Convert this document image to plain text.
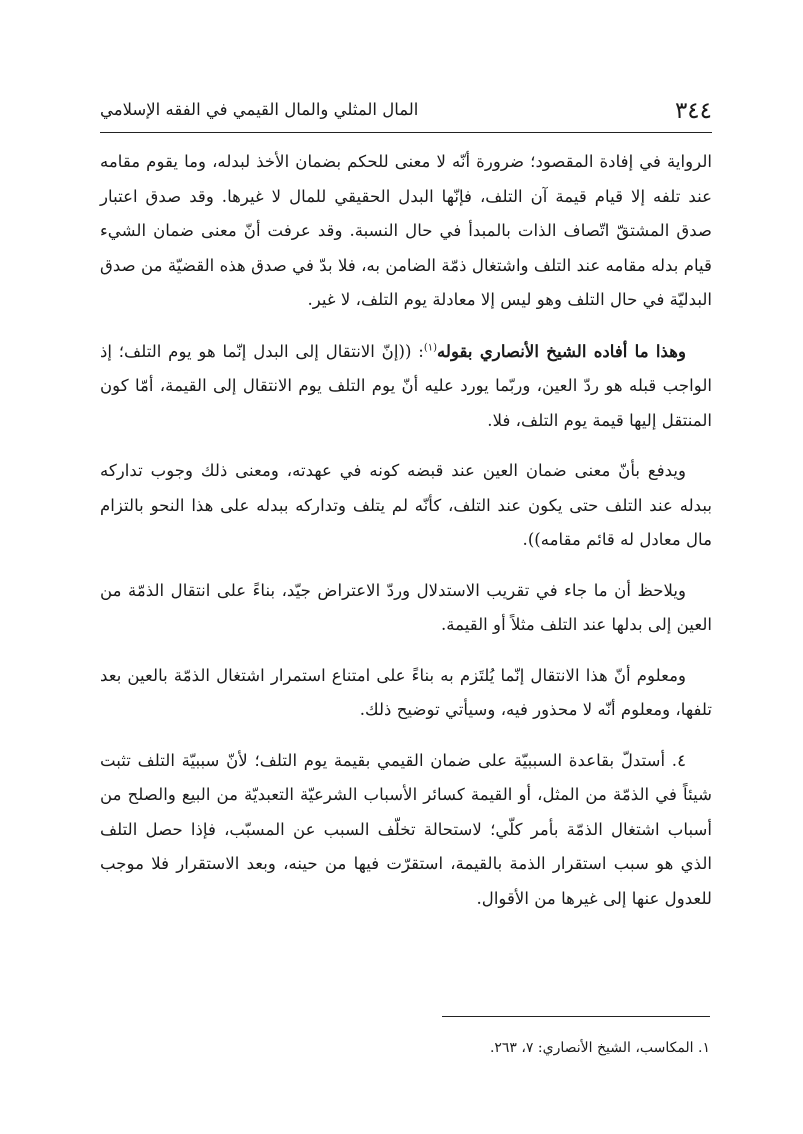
٣٤٤
المال المثلي والمال القيمي في الفقه الإسلامي

الرواية في إفادة المقصود؛ ضرورة أنّه لا معنى للحكم بضمان الأخذ لبدله، وما يقوم مقامه عند تلفه إلا قيام قيمة آن التلف، فإنّها البدل الحقيقي للمال لا غيرها. وقد صدق اعتبار صدق المشتقّ اتّصاف الذات بالمبدأ في حال النسبة. وقد عرفت أنّ معنى ضمان الشيء قيام بدله مقامه عند التلف واشتغال ذمّة الضامن به، فلا بدّ في صدق هذه القضيّة من صدق البدليّة في حال التلف وهو ليس إلا معادلة يوم التلف، لا غير.

وهذا ما أفاده الشيخ الأنصاري بقوله$^{(١)}$: ((إنّ الانتقال إلى البدل إنّما هو يوم التلف؛ إذ الواجب قبله هو ردّ العين، وربّما يورد عليه أنّ يوم التلف يوم الانتقال إلى القيمة، أمّا كون المنتقل إليها قيمة يوم التلف، فلا.

ويدفع بأنّ معنى ضمان العين عند قبضه كونه في عهدته، ومعنى ذلك وجوب تداركه ببدله عند التلف حتى يكون عند التلف، كأنّه لم يتلف وتداركه ببدله على هذا النحو بالتزام مال معادل له قائم مقامه)).

ويلاحظ أن ما جاء في تقريب الاستدلال وردّ الاعتراض جيّد، بناءً على انتقال الذمّة من العين إلى بدلها عند التلف مثلاً أو القيمة.

ومعلوم أنّ هذا الانتقال إنّما يُلتَزم به بناءً على امتناع استمرار اشتغال الذمّة بالعين بعد تلفها، ومعلوم أنّه لا محذور فيه، وسيأتي توضيح ذلك.

٤. أستدلّ بقاعدة السببيّة على ضمان القيمي بقيمة يوم التلف؛ لأنّ سببيّة التلف تثبت شيئاً في الذمّة من المثل، أو القيمة كسائر الأسباب الشرعيّة التعبديّة من البيع والصلح من أسباب اشتغال الذمّة بأمر كلّي؛ لاستحالة تخلّف السبب عن المسبّب، فإذا حصل التلف الذي هو سبب استقرار الذمة بالقيمة، استقرّت فيها من حينه، وبعد الاستقرار فلا موجب للعدول عنها إلى غيرها من الأقوال.

١. المكاسب، الشيخ الأنصاري: ٧، ٢٦٣.
